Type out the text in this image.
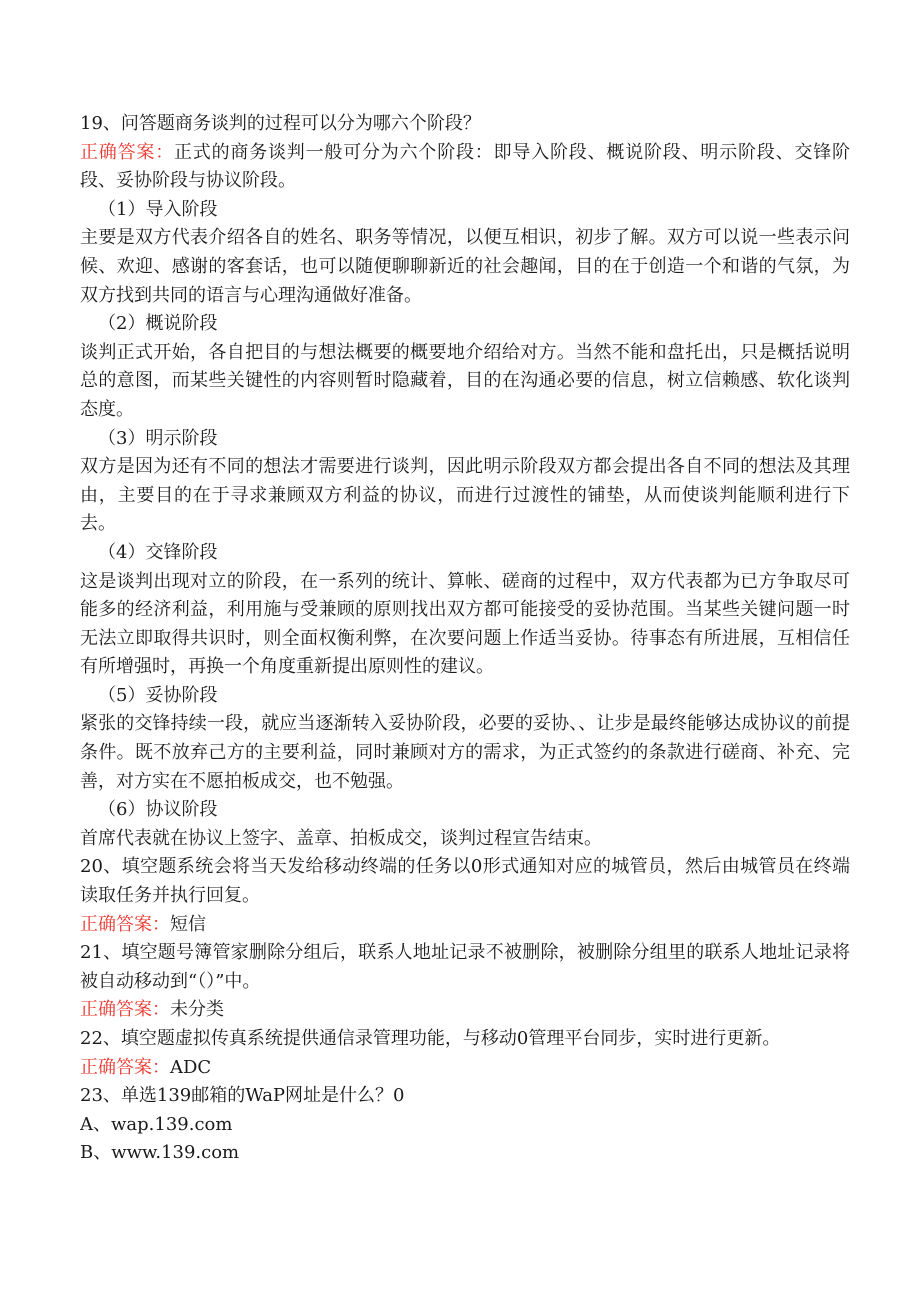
19、问答题商务谈判的过程可以分为哪六个阶段？

正确答案：正式的商务谈判一般可分为六个阶段：即导入阶段、概说阶段、明示阶段、交锋阶段、妥协阶段与协议阶段。

（1）导入阶段

主要是双方代表介绍各自的姓名、职务等情况，以便互相识，初步了解。双方可以说一些表示问候、欢迎、感谢的客套话，也可以随便聊聊新近的社会趣闻，目的在于创造一个和谐的气氛，为双方找到共同的语言与心理沟通做好准备。

（2）概说阶段

谈判正式开始，各自把目的与想法概要的概要地介绍给对方。当然不能和盘托出，只是概括说明总的意图，而某些关键性的内容则暂时隐藏着，目的在沟通必要的信息，树立信赖感、软化谈判态度。

（3）明示阶段

双方是因为还有不同的想法才需要进行谈判，因此明示阶段双方都会提出各自不同的想法及其理由，主要目的在于寻求兼顾双方利益的协议，而进行过渡性的铺垫，从而使谈判能顺利进行下去。

（4）交锋阶段

这是谈判出现对立的阶段，在一系列的统计、算帐、磋商的过程中，双方代表都为已方争取尽可能多的经济利益，利用施与受兼顾的原则找出双方都可能接受的妥协范围。当某些关键问题一时无法立即取得共识时，则全面权衡利弊，在次要问题上作适当妥协。待事态有所进展，互相信任有所增强时，再换一个角度重新提出原则性的建议。

（5）妥协阶段

紧张的交锋持续一段，就应当逐渐转入妥协阶段，必要的妥协、、让步是最终能够达成协议的前提条件。既不放弃己方的主要利益，同时兼顾对方的需求，为正式签约的条款进行磋商、补充、完善，对方实在不愿拍板成交，也不勉强。

（6）协议阶段

首席代表就在协议上签字、盖章、拍板成交，谈判过程宣告结束。

20、填空题系统会将当天发给移动终端的任务以0形式通知对应的城管员，然后由城管员在终端读取任务并执行回复。

正确答案：短信

21、填空题号簿管家删除分组后，联系人地址记录不被删除，被删除分组里的联系人地址记录将被自动移动到“（）”中。

正确答案：未分类

22、填空题虚拟传真系统提供通信录管理功能，与移动0管理平台同步，实时进行更新。

正确答案：ADC

23、单选139邮箱的WaP网址是什么？0

A、wap.139.com

B、www.139.com
